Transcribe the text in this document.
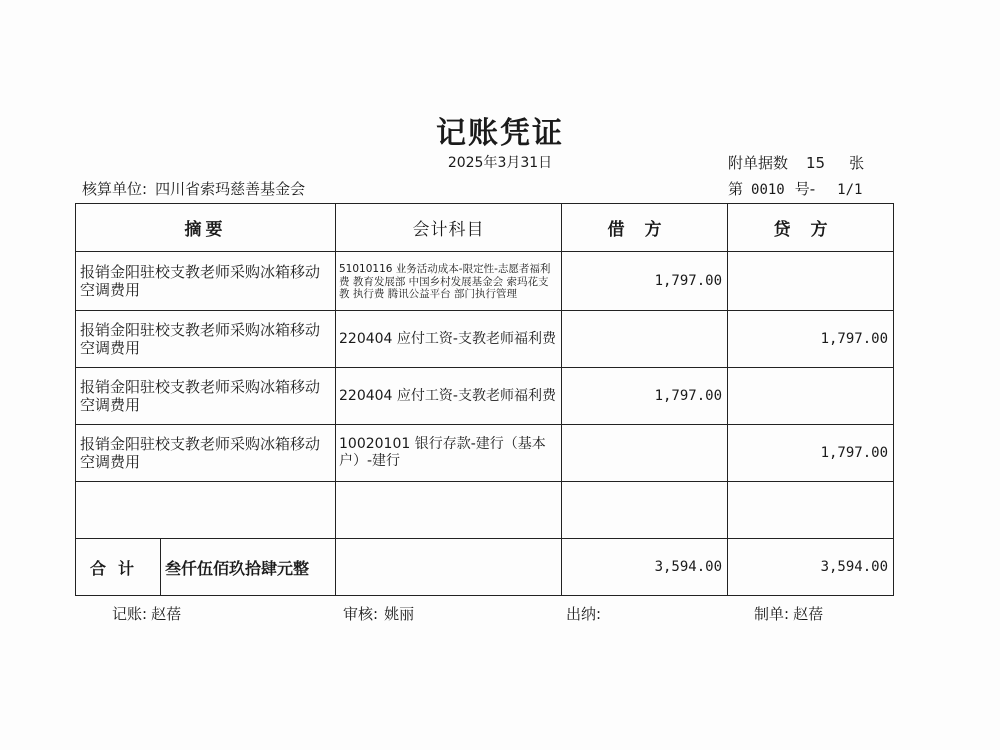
记账凭证
2025年3月31日	附单据数 15 张
核算单位: 四川省索玛慈善基金会	第 0010 号- 1/1
摘要	会计科目	借方	贷方
报销金阳驻校支教老师采购冰箱移动空调费用	51010116 业务活动成本-限定性-志愿者福利费 教育发展部 中国乡村发展基金会 索玛花支教 执行费 腾讯公益平台 部门执行管理	1,797.00	
报销金阳驻校支教老师采购冰箱移动空调费用	220404 应付工资-支教老师福利费		1,797.00
报销金阳驻校支教老师采购冰箱移动空调费用	220404 应付工资-支教老师福利费	1,797.00	
报销金阳驻校支教老师采购冰箱移动空调费用	10020101 银行存款-建行（基本户）-建行		1,797.00

合计 叁仟伍佰玖拾肆元整		3,594.00	3,594.00
记账: 赵蓓	审核: 姚丽	出纳:	制单: 赵蓓
